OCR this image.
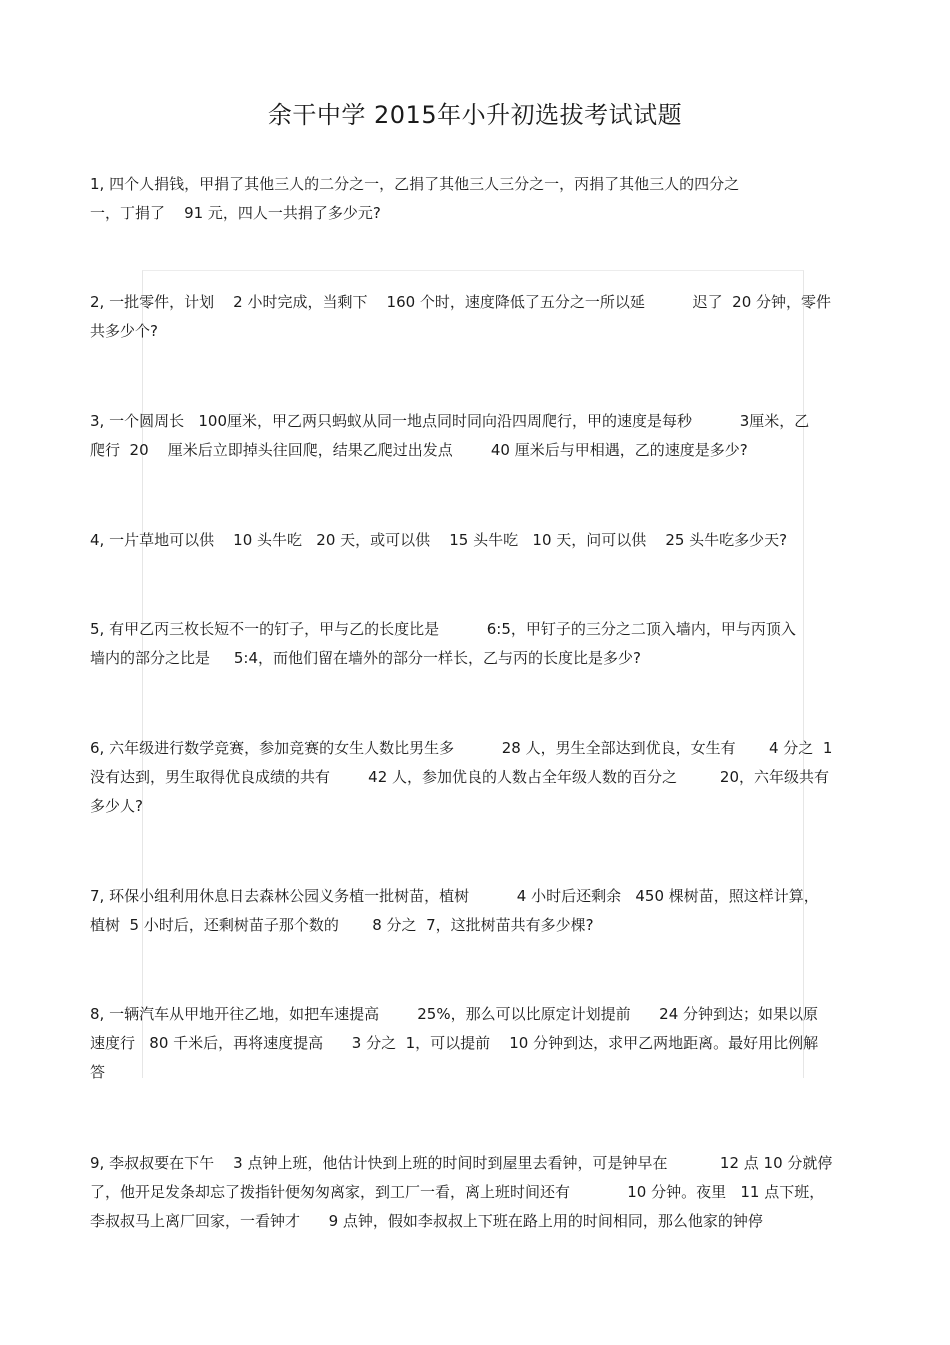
余干中学 2015年小升初选拔考试试题
1, 四个人捐钱，甲捐了其他三人的二分之一，乙捐了其他三人三分之一，丙捐了其他三人的四分之
一，丁捐了    91 元，四人一共捐了多少元?
2, 一批零件，计划    2 小时完成，当剩下    160 个时，速度降低了五分之一所以延          迟了  20 分钟，零件
共多少个?
3, 一个圆周长   100厘米，甲乙两只蚂蚁从同一地点同时同向沿四周爬行，甲的速度是每秒          3厘米，乙
爬行  20    厘米后立即掉头往回爬，结果乙爬过出发点        40 厘米后与甲相遇，乙的速度是多少?
4, 一片草地可以供    10 头牛吃   20 天，或可以供    15 头牛吃   10 天，问可以供    25 头牛吃多少天?
5, 有甲乙丙三枚长短不一的钉子，甲与乙的长度比是          6:5，甲钉子的三分之二顶入墙内，甲与丙顶入
墙内的部分之比是     5:4，而他们留在墙外的部分一样长，乙与丙的长度比是多少?
6, 六年级进行数学竞赛，参加竞赛的女生人数比男生多          28 人，男生全部达到优良，女生有       4 分之  1
没有达到，男生取得优良成绩的共有        42 人，参加优良的人数占全年级人数的百分之         20，六年级共有
多少人?
7, 环保小组利用休息日去森林公园义务植一批树苗，植树          4 小时后还剩余   450 棵树苗，照这样计算，
植树  5 小时后，还剩树苗子那个数的       8 分之  7，这批树苗共有多少棵?
8, 一辆汽车从甲地开往乙地，如把车速提高        25%，那么可以比原定计划提前      24 分钟到达；如果以原
速度行   80 千米后，再将速度提高      3 分之  1，可以提前    10 分钟到达，求甲乙两地距离。最好用比例解
答
9, 李叔叔要在下午    3 点钟上班，他估计快到上班的时间时到屋里去看钟，可是钟早在           12 点 10 分就停
了，他开足发条却忘了拨指针便匆匆离家，到工厂一看，离上班时间还有            10 分钟。夜里   11 点下班，
李叔叔马上离厂回家，一看钟才      9 点钟，假如李叔叔上下班在路上用的时间相同，那么他家的钟停
